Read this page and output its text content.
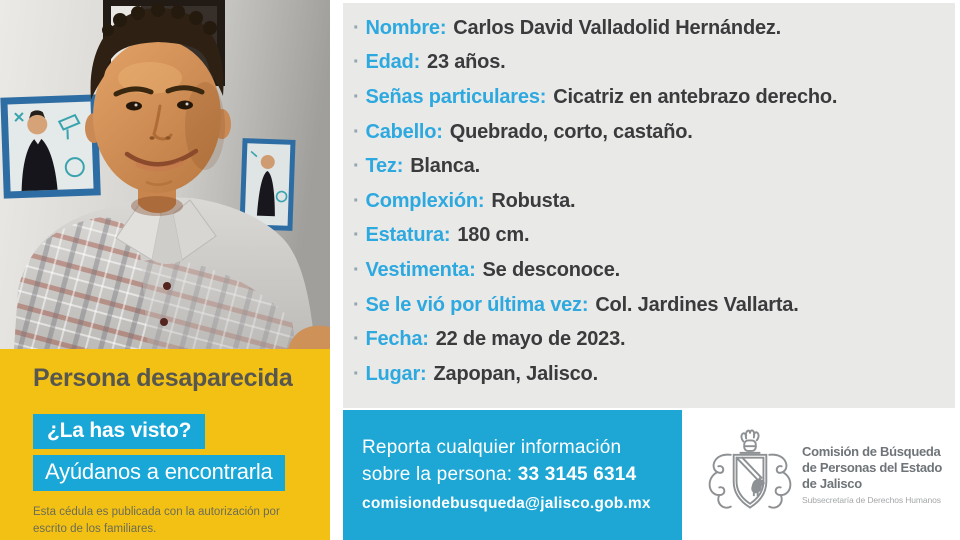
Persona desaparecida
¿La has visto?
Ayúdanos a encontrarla

Esta cédula es publicada con la autorización por escrito de los familiares.

· Nombre: Carlos David Valladolid Hernández.
· Edad: 23 años.
· Señas particulares: Cicatriz en antebrazo derecho.
· Cabello: Quebrado, corto, castaño.
· Tez: Blanca.
· Complexión: Robusta.
· Estatura: 180 cm.
· Vestimenta: Se desconoce.
· Se le vió por última vez: Col. Jardines Vallarta.
· Fecha: 22 de mayo de 2023.
· Lugar: Zapopan, Jalisco.

Reporta cualquier información

sobre la persona: 33 3145 6314

comisiondebusqueda@jalisco.gob.mx

Comisión de Búsqueda
de Personas del Estado
de Jalisco
Subsecretaría de Derechos Humanos
